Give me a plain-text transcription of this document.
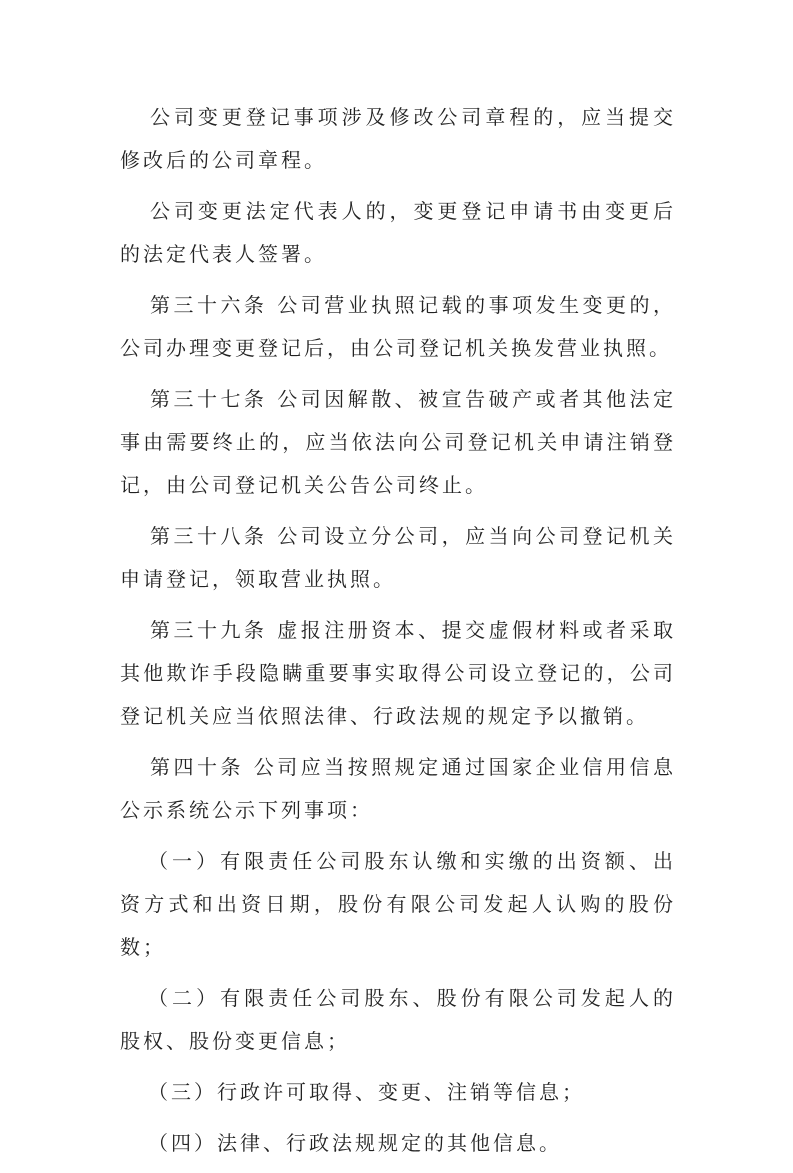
公司变更登记事项涉及修改公司章程的，应当提交修改后的公司章程。

公司变更法定代表人的，变更登记申请书由变更后的法定代表人签署。

第三十六条 公司营业执照记载的事项发生变更的，公司办理变更登记后，由公司登记机关换发营业执照。

第三十七条 公司因解散、被宣告破产或者其他法定事由需要终止的，应当依法向公司登记机关申请注销登记，由公司登记机关公告公司终止。

第三十八条 公司设立分公司，应当向公司登记机关申请登记，领取营业执照。

第三十九条 虚报注册资本、提交虚假材料或者采取其他欺诈手段隐瞒重要事实取得公司设立登记的，公司登记机关应当依照法律、行政法规的规定予以撤销。

第四十条 公司应当按照规定通过国家企业信用信息公示系统公示下列事项：

（一）有限责任公司股东认缴和实缴的出资额、出资方式和出资日期，股份有限公司发起人认购的股份数；

（二）有限责任公司股东、股份有限公司发起人的股权、股份变更信息；

（三）行政许可取得、变更、注销等信息；

（四）法律、行政法规规定的其他信息。
